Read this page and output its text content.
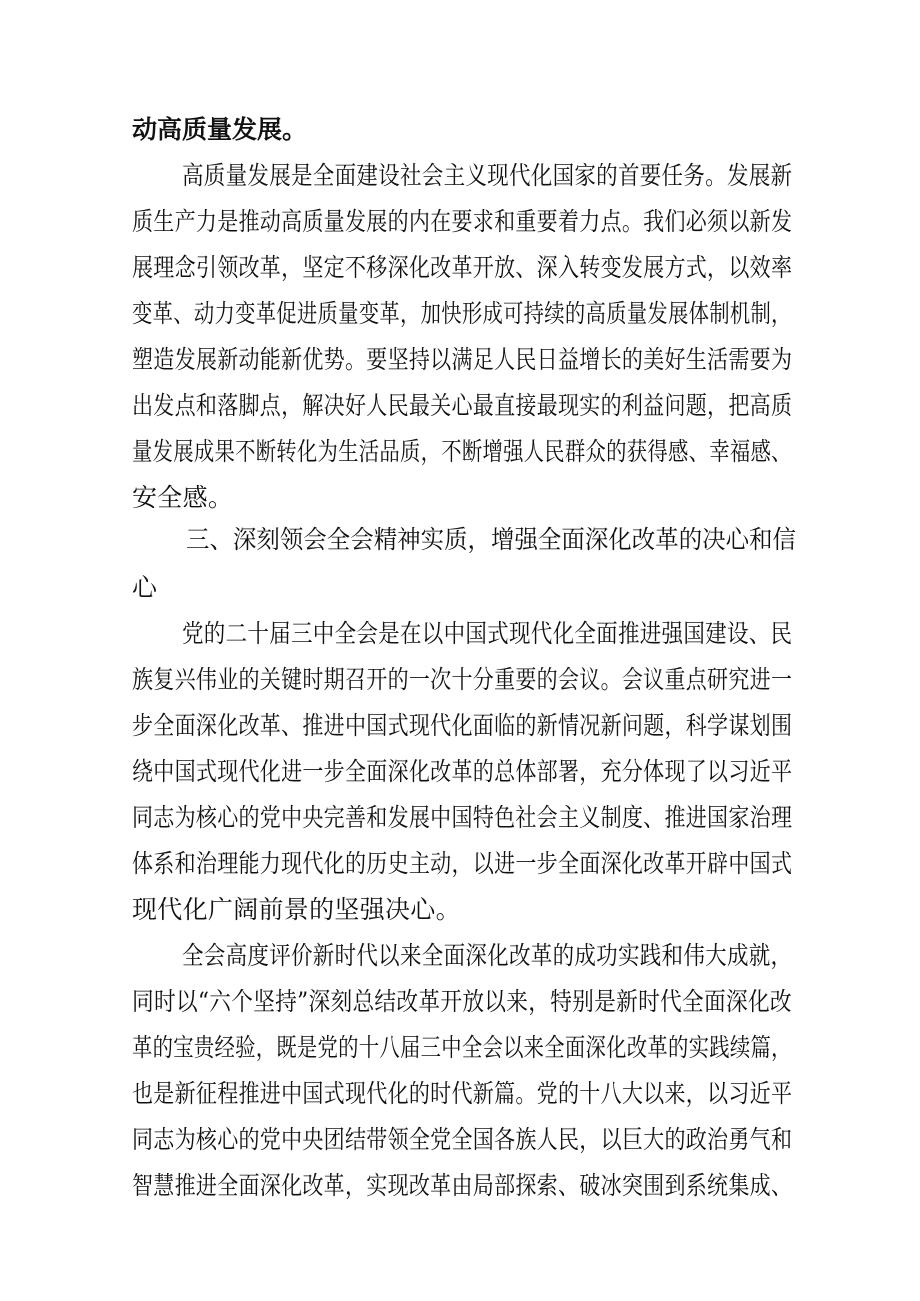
动高质量发展。
高质量发展是全面建设社会主义现代化国家的首要任务。发展新
质生产力是推动高质量发展的内在要求和重要着力点。我们必须以新发
展理念引领改革，坚定不移深化改革开放、深入转变发展方式，以效率
变革、动力变革促进质量变革，加快形成可持续的高质量发展体制机制，
塑造发展新动能新优势。要坚持以满足人民日益增长的美好生活需要为
出发点和落脚点，解决好人民最关心最直接最现实的利益问题，把高质
量发展成果不断转化为生活品质，不断增强人民群众的获得感、幸福感、
安全感。
三、深刻领会全会精神实质，增强全面深化改革的决心和信
心
党的二十届三中全会是在以中国式现代化全面推进强国建设、民
族复兴伟业的关键时期召开的一次十分重要的会议。会议重点研究进一
步全面深化改革、推进中国式现代化面临的新情况新问题，科学谋划围
绕中国式现代化进一步全面深化改革的总体部署，充分体现了以习近平
同志为核心的党中央完善和发展中国特色社会主义制度、推进国家治理
体系和治理能力现代化的历史主动，以进一步全面深化改革开辟中国式
现代化广阔前景的坚强决心。
全会高度评价新时代以来全面深化改革的成功实践和伟大成就，
同时以“六个坚持”深刻总结改革开放以来，特别是新时代全面深化改
革的宝贵经验，既是党的十八届三中全会以来全面深化改革的实践续篇，
也是新征程推进中国式现代化的时代新篇。党的十八大以来，以习近平
同志为核心的党中央团结带领全党全国各族人民，以巨大的政治勇气和
智慧推进全面深化改革，实现改革由局部探索、破冰突围到系统集成、
